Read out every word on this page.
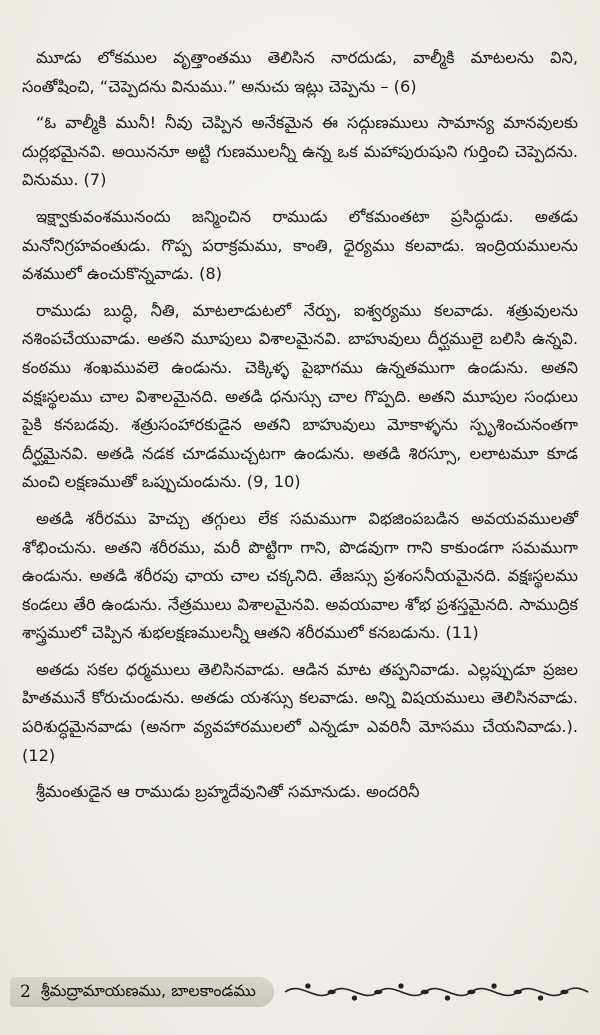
మూడు లోకముల వృత్తాంతము తెలిసిన నారదుడు, వాల్మీకి మాటలను విని, సంతోషించి, “చెప్పెదను వినుము.” అనుచు ఇట్లు చెప్పెను – (6)

“ఓ వాల్మీకి మునీ! నీవు చెప్పిన అనేకమైన ఈ సద్గుణములు సామాన్య మానవులకు దుర్లభమైనవి. అయిననూ అట్టి గుణములన్నీ ఉన్న ఒక మహాపురుషుని గుర్తించి చెప్పెదను. వినుము. (7)

ఇక్ష్వాకువంశమునందు జన్మించిన రాముడు లోకమంతటా ప్రసిద్ధుడు. అతడు మనోనిగ్రహవంతుడు. గొప్ప పరాక్రమము, కాంతి, ధైర్యము కలవాడు. ఇంద్రియములను వశములో ఉంచుకొన్నవాడు. (8)

రాముడు బుద్ధి, నీతి, మాటలాడుటలో నేర్పు, ఐశ్వర్యము కలవాడు. శత్రువులను నశింపచేయువాడు. అతని మూపులు విశాలమైనవి. బాహువులు దీర్ఘములై బలిసి ఉన్నవి. కంఠము శంఖమువలె ఉండును. చెక్కిళ్ళ పైభాగము ఉన్నతముగా ఉండును. అతని వక్షఃస్థలము చాల విశాలమైనది. అతడి ధనుస్సు చాల గొప్పది. అతని మూపుల సంధులు పైకి కనబడవు. శత్రుసంహారకుడైన అతని బాహువులు మోకాళ్ళను స్పృశించునంతగా దీర్ఘమైనవి. అతడి నడక చూడముచ్చటగా ఉండును. అతడి శిరస్సూ, లలాటమూ కూడ మంచి లక్షణముతో ఒప్పుచుండును. (9, 10)

అతడి శరీరము హెచ్చు తగ్గులు లేక సమముగా విభజింపబడిన అవయవములతో శోభించును. అతని శరీరము, మరీ పొట్టిగా గాని, పొడవుగా గాని కాకుండగా సమముగా ఉండును. అతడి శరీరపు ఛాయ చాల చక్కనిది. తేజస్సు ప్రశంసనీయమైనది. వక్షఃస్థలము కండలు తేరి ఉండును. నేత్రములు విశాలమైనవి. అవయవాల శోభ ప్రశస్తమైనది. సాముద్రిక శాస్త్రములో చెప్పిన శుభలక్షణములన్నీ ఆతని శరీరములో కనబడును. (11)

అతడు సకల ధర్మములు తెలిసినవాడు. ఆడిన మాట తప్పనివాడు. ఎల్లప్పుడూ ప్రజల హితమునే కోరుచుండును. అతడు యశస్సు కలవాడు. అన్ని విషయములు తెలిసినవాడు. పరిశుద్ధమైనవాడు (అనగా వ్యవహారములలో ఎన్నడూ ఎవరినీ మోసము చేయనివాడు.). (12)

శ్రీమంతుడైన ఆ రాముడు బ్రహ్మదేవునితో సమానుడు. అందరినీ

2 శ్రీమద్రామాయణము, బాలకాండము
